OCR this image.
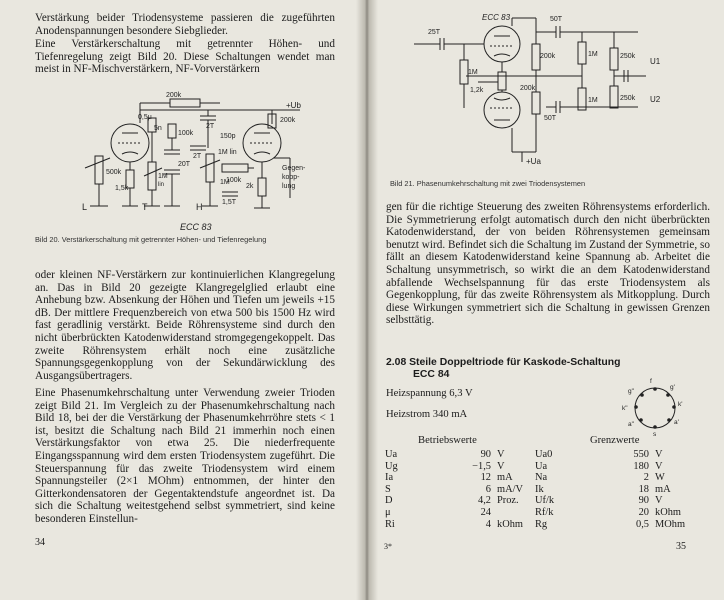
Verstärkung beider Triodensysteme passieren die zugeführten Anodenspannungen besondere Siebglieder.

Eine Verstärkerschaltung mit getrennter Höhen- und Tiefenregelung zeigt Bild 20. Diese Schaltungen wendet man meist in NF-Mischverstärkern, NF-Vorverstärkern

200k
0,5μ
5n
100k	150p
200k
500k
1,5k
1M
lin
2T
20T
1M lin
100k
2T
2k
1M
1,5T
Gegen-
kopp-
lung
+Ub
L	T	H
ECC 83

Bild 20. Verstärkerschaltung mit getrennter Höhen- und Tiefenregelung

oder kleinen NF-Verstärkern zur kontinuierlichen Klangregelung an. Das in Bild 20 gezeigte Klangregelglied erlaubt eine Anhebung bzw. Absenkung der Höhen und Tiefen um jeweils +15 dB. Der mittlere Frequenzbereich von etwa 500 bis 1500 Hz wird fast geradlinig verstärkt. Beide Röhrensysteme sind durch den nicht überbrückten Katodenwiderstand stromgegengekoppelt. Das zweite Röhrensystem erhält noch eine zusätzliche Spannungsgegenkopplung von der Sekundärwicklung des Ausgangsübertragers.

Eine Phasenumkehrschaltung unter Verwendung zweier Trioden zeigt Bild 21. Im Vergleich zu der Phasenumkehrschaltung nach Bild 18, bei der die Verstärkung der Phasenumkehrröhre stets < 1 ist, besitzt die Schaltung nach Bild 21 immerhin noch einen Verstärkungsfaktor von etwa 25. Die niederfrequente Eingangsspannung wird dem ersten Triodensystem zugeführt. Die Steuerspannung für das zweite Triodensystem wird einem Spannungsteiler (2×1 MOhm) entnommen, der hinter den Gitterkondensatoren der Gegentaktendstufe angeordnet ist. Da sich die Schaltung weitestgehend selbst symmetriert, sind keine besonderen Einstellun-

34
ECC 83
25T
50T
200k	1M	250k
1M
1,2k	200k
50T
1M	250k
U1
U2
+Ua

Bild 21. Phasenumkehrschaltung mit zwei Triodensystemen

gen für die richtige Steuerung des zweiten Röhrensystems erforderlich. Die Symmetrierung erfolgt automatisch durch den nicht überbrückten Katodenwiderstand, der von beiden Röhrensystemen gemeinsam benutzt wird. Befindet sich die Schaltung im Zustand der Symmetrie, so fällt an diesem Katodenwiderstand keine Spannung ab. Arbeitet die Schaltung unsymmetrisch, so wirkt die an dem Katodenwiderstand abfallende Wechselspannung für das erste Triodensystem als Gegenkopplung, für das zweite Röhrensystem als Mitkopplung. Durch diese Wirkungen symmetriert sich die Schaltung in gewissen Grenzen selbsttätig.

2.08 Steile Doppeltriode für Kaskode-Schaltung
ECC 84
Heizspannung 6,3 V
Heizstrom 340 mA
f
g'
k'
a'
s
a"
k"
g"
Betriebswerte	Grenzwerte
Ua	90	V
Ug	−1,5	V
Ia	12	mA
S	6	mA/V
D	4,2	Proz.
μ	24	
Ri	4	kOhm
Ua0	550	V
Ua	180	V
Na	2	W
Ik	18	mA
Uf/k	90	V
Rf/k	20	kOhm
Rg	0,5	MOhm
3*	35
